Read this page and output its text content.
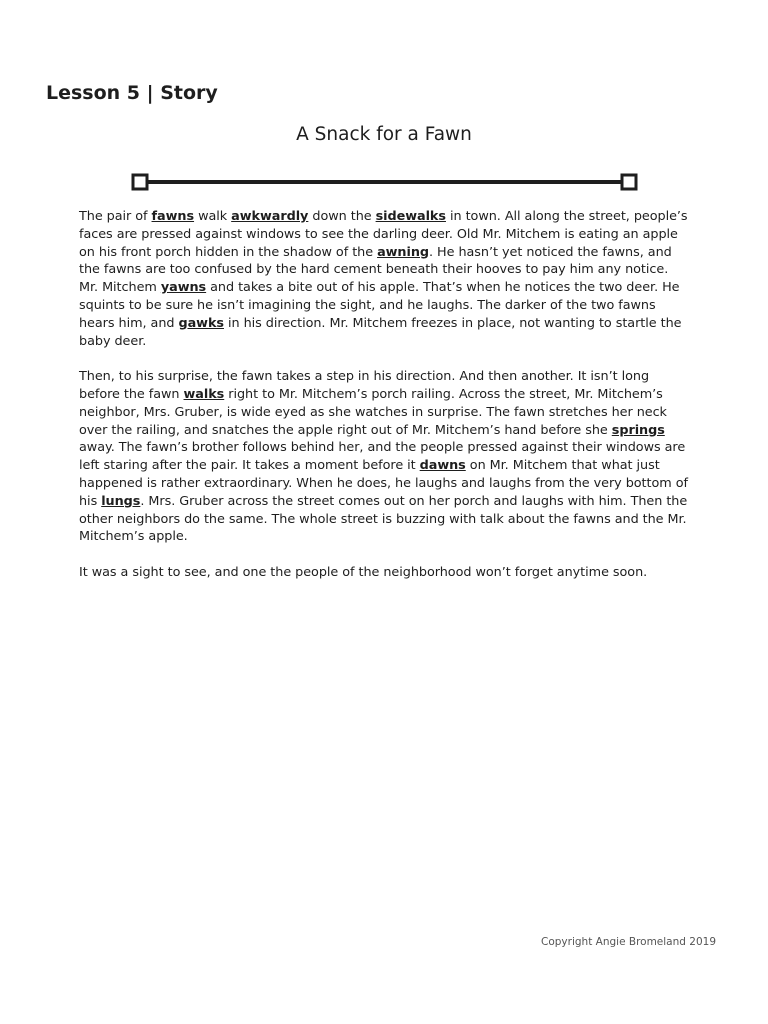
Lesson 5 | Story
A Snack for a Fawn

The pair of fawns walk awkwardly down the sidewalks in town. All along the street, people’s faces are pressed against windows to see the darling deer. Old Mr. Mitchem is eating an apple on his front porch hidden in the shadow of the awning. He hasn’t yet noticed the fawns, and the fawns are too confused by the hard cement beneath their hooves to pay him any notice. Mr. Mitchem yawns and takes a bite out of his apple. That’s when he notices the two deer. He squints to be sure he isn’t imagining the sight, and he laughs. The darker of the two fawns hears him, and gawks in his direction. Mr. Mitchem freezes in place, not wanting to startle the baby deer.

Then, to his surprise, the fawn takes a step in his direction. And then another. It isn’t long before the fawn walks right to Mr. Mitchem’s porch railing. Across the street, Mr. Mitchem’s neighbor, Mrs. Gruber, is wide eyed as she watches in surprise. The fawn stretches her neck over the railing, and snatches the apple right out of Mr. Mitchem’s hand before she springs away. The fawn’s brother follows behind her, and the people pressed against their windows are left staring after the pair. It takes a moment before it dawns on Mr. Mitchem that what just happened is rather extraordinary. When he does, he laughs and laughs from the very bottom of his lungs. Mrs. Gruber across the street comes out on her porch and laughs with him. Then the other neighbors do the same. The whole street is buzzing with talk about the fawns and the Mr. Mitchem’s apple.

It was a sight to see, and one the people of the neighborhood won’t forget anytime soon.

Copyright Angie Bromeland 2019
